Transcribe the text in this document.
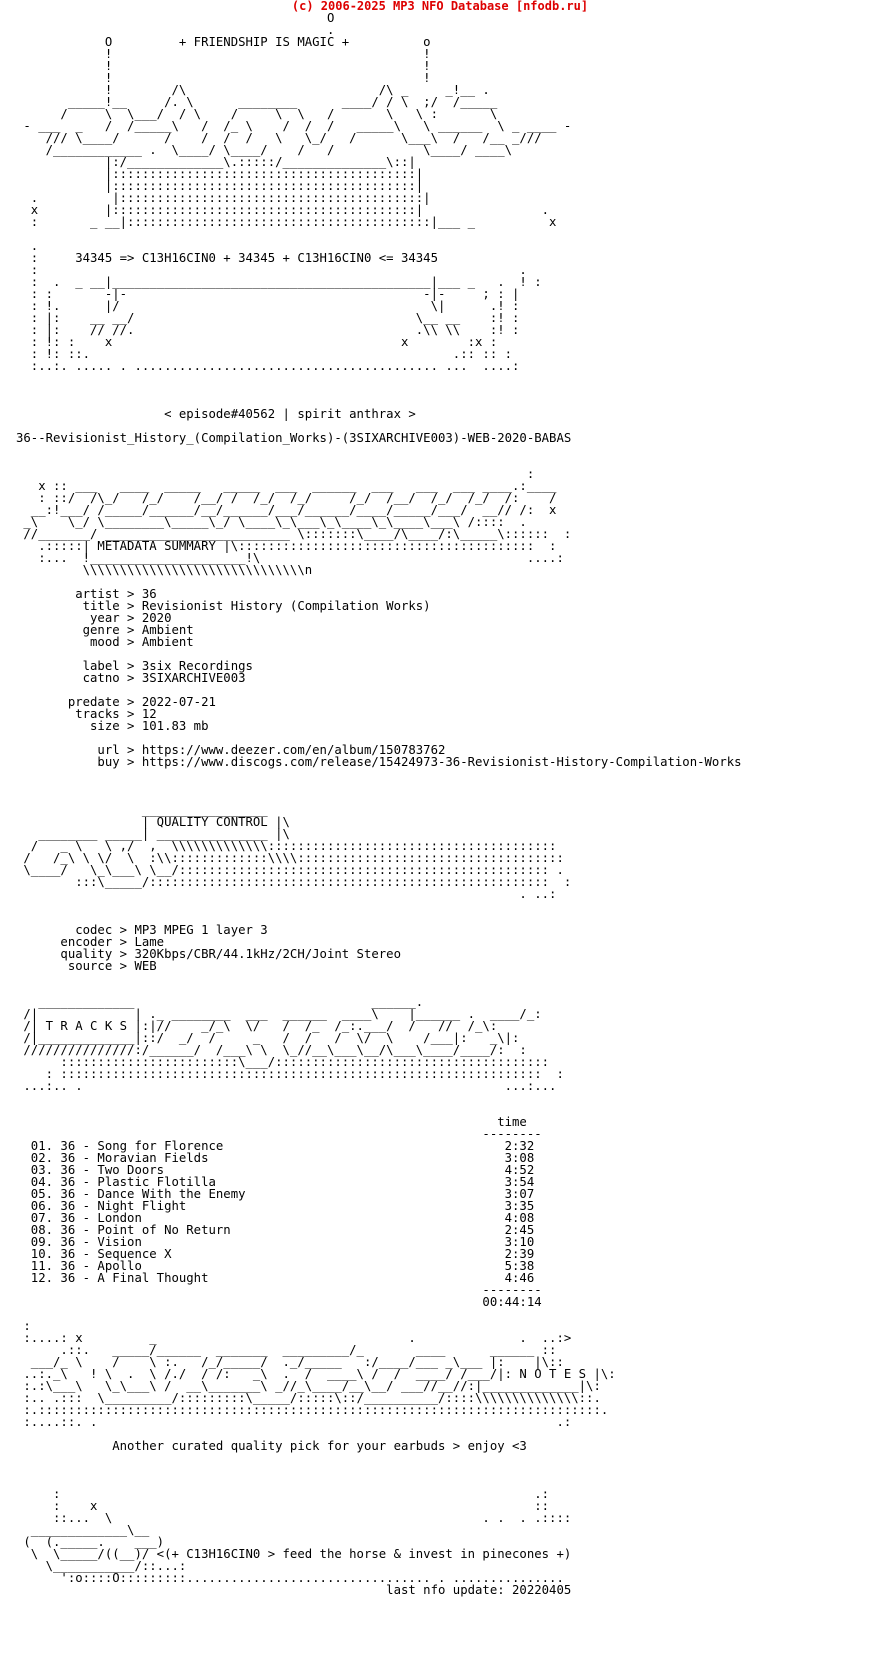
(c) 2006-2025 MP3 NFO Database [nfodb.ru]
O
.
O         + FRIENDSHIP IS MAGIC +          o
!                                          !
!                                          !
!                                          !
!        /\                          /\ _     _!__ .
_____!__     /. \      ________      ____/ / \  ;/  /_____
/     \  \___/  / \    /     \  \   /       \   \ :       \
- ___  _   /  /_____\   /  /_ \    /  /  /   _____\   \ ______  \ _ ____ -
/// \____/      /    /  /  /   \   \_/   /      \___\  /   /__ _///
/____________ .  \____/ \____/    /   /            \____/ ____\
|:/_____________\.:::::/______________\::|
|:::::::::::::::::::::::::::::::::::::::::|
|:::::::::::::::::::::::::::::::::::::::::|
.          |:::::::::::::::::::::::::::::::::::::::::|
x         |:::::::::::::::::::::::::::::::::::::::::|                .
:       _ __|:::::::::::::::::::::::::::::::::::::::::|___ _          x

.
:     34345 => C13H16CIN0 + 34345 + C13H16CIN0 <= 34345
:                                                                 .
:  .  _ __|___________________________________________|___ _   .  ! :
: :       -|-                                        -|-     ; : |
: !.      |/                                          \|      .! :
: |:    __ __/                                      \__ __    :! :
: |:    // //.                                      .\\ \\    :! :
: !: :    x                                       x        :x :
: !: ::.                                                 .:: :: :
:..:. ..... . ......................................... ...  ....:

< episode#40562 | spirit anthrax >

36--Revisionist_History_(Compilation_Works)-(3SIXARCHIVE003)-WEB-2020-BABAS

:
x :: ___   ____  _____   _____  ___  ______  ___   ___  ___ ____.:____
: ::/  /\_/   /_/    /__/ /  /_/  /_/     /_/  /__/  /_/  /_/  /:    /
__:!___/ /_____/______/__/______/___/______/____/_____/___/  __// /:  x
_\    \_/ \________\_____\_/ \____\_\___\_\____\_\____\___\ /::::  .
//_______/ _________________________ \:::::::\____/\____/:\_____\::::::  :
.:::::| METADATA SUMMARY |\::::::::::::::::::::::::::::::::::::::::  :
:...  !_____________________!\                                    ....:
\\\\\\\\\\\\\\\\\\\\\\\\\\\\\\n

artist > 36
title > Revisionist History (Compilation Works)
year > 2020
genre > Ambient
mood > Ambient

label > 3six Recordings
catno > 3SIXARCHIVE003

predate > 2022-07-21
tracks > 12
size > 101.83 mb

url > https://www.deezer.com/en/album/150783762
buy > https://www.discogs.com/release/15424973-36-Revisionist-History-Compilation-Works

_________________
| QUALITY CONTROL |\
________ _____| _______________ |\
/   _ \   \ ,/  ,  \\\\\\\\\\\\\:::::::::::::::::::::::::::::::::::::::
/   /_\ \ \/  \  :\\:::::::::::::\\\\::::::::::::::::::::::::::::::::::::
\____/   \_\___\ \__/:::::::::::::::::::::::::::::::::::::::::::::::::: .
:::\_____/::::::::::::::::::::::::::::::::::::::::::::::::::::::  :
. ..:

codec > MP3 MPEG 1 layer 3
encoder > Lame
quality > 320Kbps/CBR/44.1kHz/2CH/Joint Stereo
source > WEB

_____________                                ______.
/|             | ._ ________  ___  ______  ____\    |______ .  ____/_:
/| T R A C K S |:|//    _/_\  \/   /  /_  /_:.___/  /   //  /_\:
/|_____________|::/  _/  /     _   /  /   /  \/  \    /___|:   _\|:
///////////////:/______/  /___\ \  \_//__\___\__/\___\____/____/:  :
::::::::::::::::::::::::\___/:::::::::::::::::::::::::::::::::::::
: :::::::::::::::::::::::::::::::::::::::::::::::::::::::::::::::::  :
...:.. .                                                         ...:...

time
--------
01. 36 - Song for Florence                                      2:32
02. 36 - Moravian Fields                                        3:08
03. 36 - Two Doors                                              4:52
04. 36 - Plastic Flotilla                                       3:54
05. 36 - Dance With the Enemy                                   3:07
06. 36 - Night Flight                                           3:35
07. 36 - London                                                 4:08
08. 36 - Point of No Return                                     2:45
09. 36 - Vision                                                 3:10
10. 36 - Sequence X                                             2:39
11. 36 - Apollo                                                 5:38
12. 36 - A Final Thought                                        4:46
--------
00:44:14

:
:....: x         _                                  .              .  ..:>
.::.   _____/______  _______  _________/_       ____      ______ ::
___/_ \    /    \ :.   /_/_____/  ._/_____   :/____/___ _\___ |:    |\::
..:._\   ! \  .  \ /./  / /:   _\  .  /  ____\ /  /  ____/ /___/|: N O T E S |\:
:.:\___\   \_\___\ /  __\_______\ _//_\____/__\__/ ___//__//:|_____________|\:
:.. .:::  \_________/:::::::::\_____/:::::\::/__________/::::\\\\\\\\\\\\\\::.
:.::::::::::::::::::::::::::::::::::::::::::::::::::::::::::::::::::::::::::::.
:....::. .                                                              .:

Another curated quality pick for your earbuds > enjoy <3

:                                                                .:
:    x                                                           ::
::...  \                                                  . .  . .::::
_____________\__
(  (._____.    ___)
\  \_____/((__)/ <(+ C13H16CIN0 > feed the horse & invest in pinecones +)
\___________/::...:
':o::::O:::::::::................................. . ...............
last nfo update: 20220405
